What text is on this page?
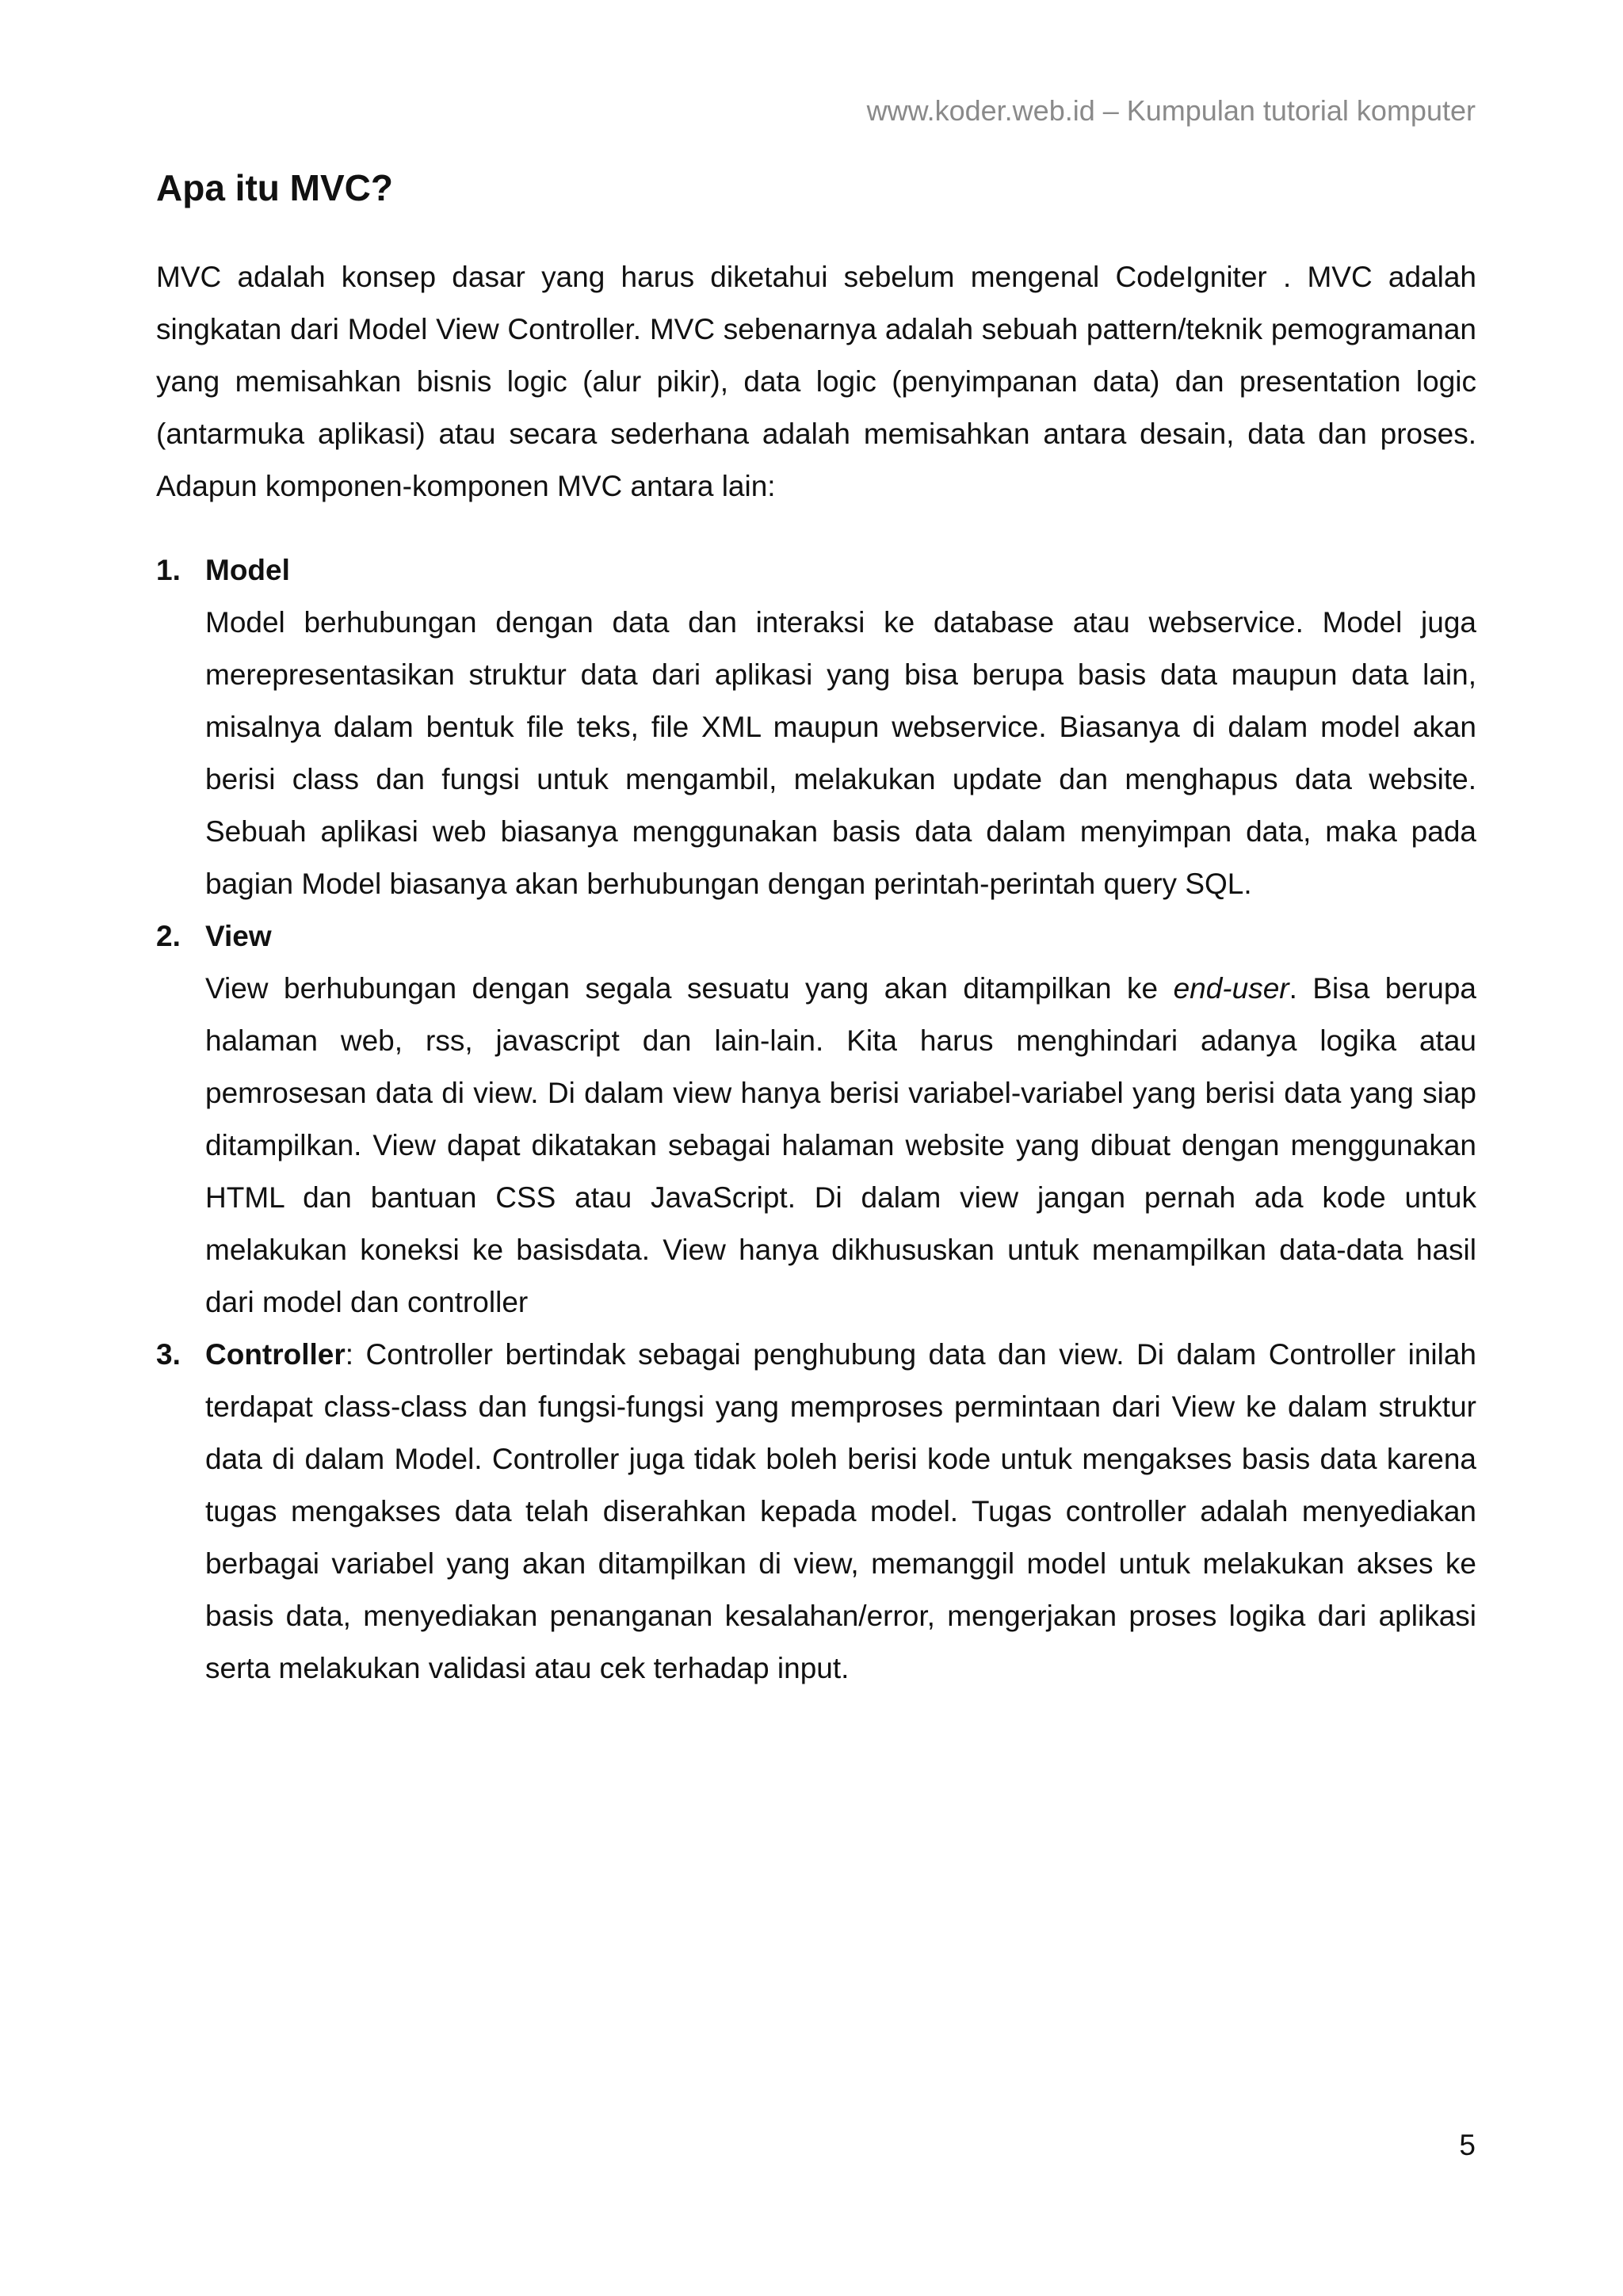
www.koder.web.id – Kumpulan tutorial komputer
Apa itu MVC?

MVC adalah konsep dasar yang harus diketahui sebelum mengenal CodeIgniter . MVC adalah singkatan dari Model View Controller. MVC sebenarnya adalah sebuah pattern/teknik pemogramanan yang memisahkan bisnis logic (alur pikir), data logic (penyimpanan data) dan presentation logic (antarmuka aplikasi) atau secara sederhana adalah memisahkan antara desain, data dan proses. Adapun komponen-komponen MVC antara lain:

1. Model

Model berhubungan dengan data dan interaksi ke database atau webservice. Model juga merepresentasikan struktur data dari aplikasi yang bisa berupa basis data maupun data lain, misalnya dalam bentuk file teks, file XML maupun webservice. Biasanya di dalam model akan berisi class dan fungsi untuk mengambil, melakukan update dan menghapus data website. Sebuah aplikasi web biasanya menggunakan basis data dalam menyimpan data, maka pada bagian Model biasanya akan berhubungan dengan perintah-perintah query SQL.

2. View

View berhubungan dengan segala sesuatu yang akan ditampilkan ke end-user. Bisa berupa halaman web, rss, javascript dan lain-lain. Kita harus menghindari adanya logika atau pemrosesan data di view. Di dalam view hanya berisi variabel-variabel yang berisi data yang siap ditampilkan. View dapat dikatakan sebagai halaman website yang dibuat dengan menggunakan HTML dan bantuan CSS atau JavaScript. Di dalam view jangan pernah ada kode untuk melakukan koneksi ke basisdata. View hanya dikhususkan untuk menampilkan data-data hasil dari model dan controller

3. Controller: Controller bertindak sebagai penghubung data dan view. Di dalam Controller inilah terdapat class-class dan fungsi-fungsi yang memproses permintaan dari View ke dalam struktur data di dalam Model. Controller juga tidak boleh berisi kode untuk mengakses basis data karena tugas mengakses data telah diserahkan kepada model. Tugas controller adalah menyediakan berbagai variabel yang akan ditampilkan di view, memanggil model untuk melakukan akses ke basis data, menyediakan penanganan kesalahan/error, mengerjakan proses logika dari aplikasi serta melakukan validasi atau cek terhadap input.

5
